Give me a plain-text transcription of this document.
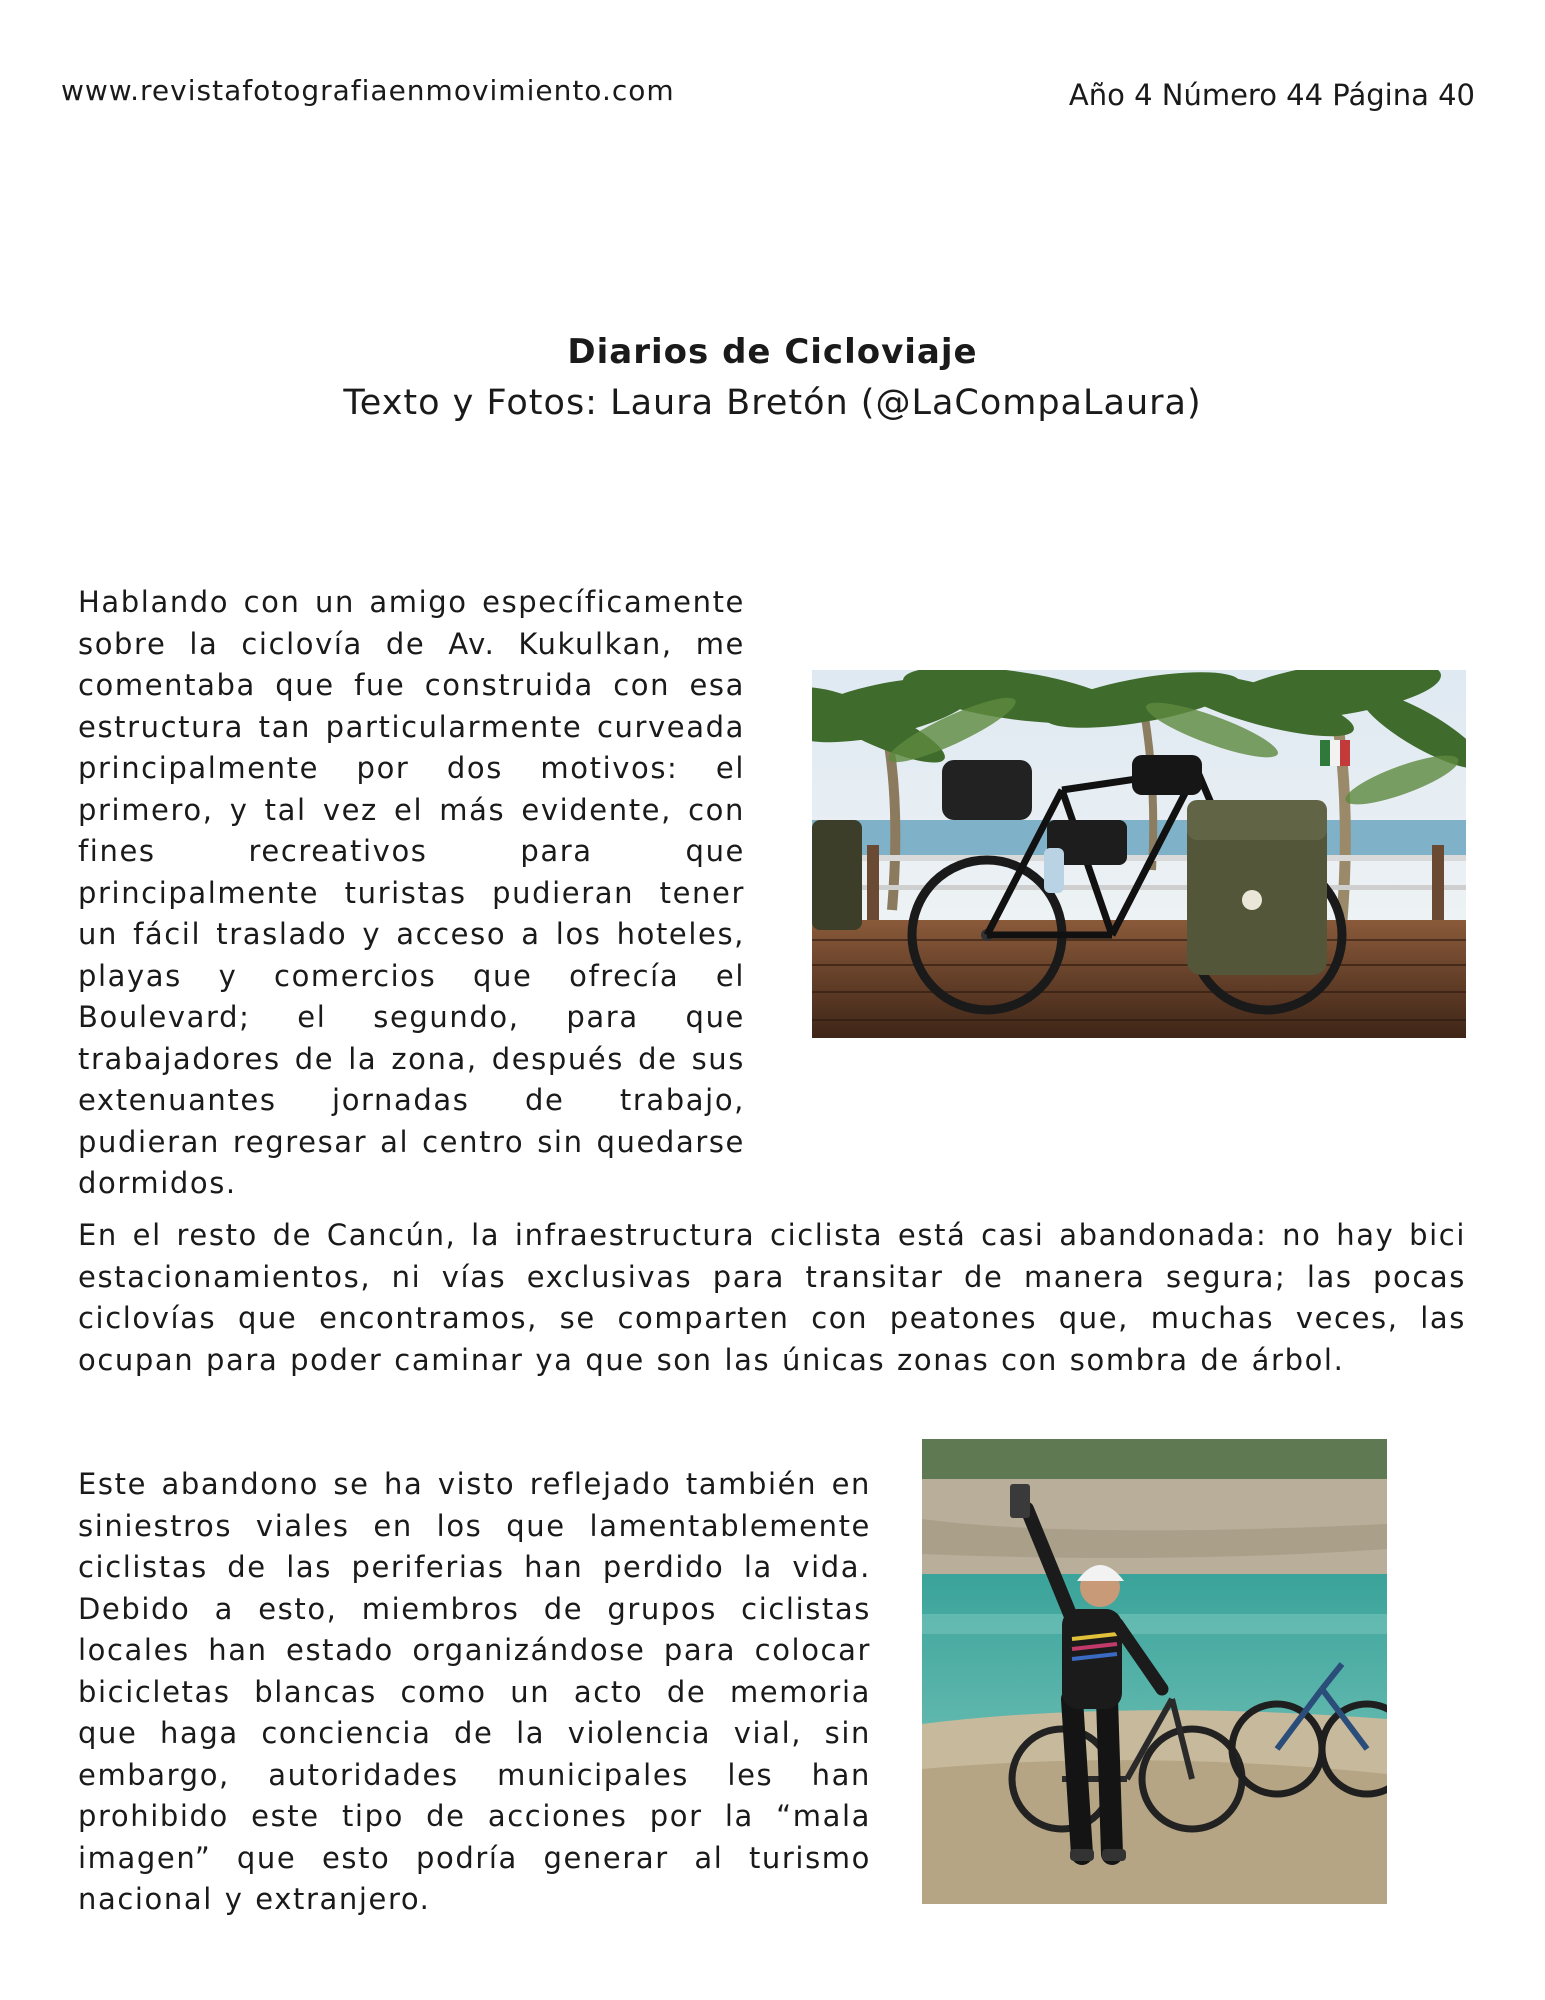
www.revistafotografiaenmovimiento.com	Año 4 Número 44 Página 40
Diarios de Cicloviaje
Texto y Fotos: Laura Bretón (@LaCompaLaura)

Hablando con un amigo específicamente sobre la ciclovía de Av. Kukulkan, me comentaba que fue construida con esa estructura tan particularmente curveada principalmente por dos motivos: el primero, y tal vez el más evidente, con fines recreativos para que principalmente turistas pudieran tener un fácil traslado y acceso a los hoteles, playas y comercios que ofrecía el Boulevard; el segundo, para que trabajadores de la zona, después de sus extenuantes jornadas de trabajo, pudieran regresar al centro sin quedarse dormidos.

En el resto de Cancún, la infraestructura ciclista está casi abandonada: no hay bici estacionamientos, ni vías exclusivas para transitar de manera segura; las pocas ciclovías que encontramos, se comparten con peatones que, muchas veces, las ocupan para poder caminar ya que son las únicas zonas con sombra de árbol.

Este abandono se ha visto reflejado también en siniestros viales en los que lamentablemente ciclistas de las periferias han perdido la vida. Debido a esto, miembros de grupos ciclistas locales han estado organizándose para colocar bicicletas blancas como un acto de memoria que haga conciencia de la violencia vial, sin embargo, autoridades municipales les han prohibido este tipo de acciones por la “mala imagen” que esto podría generar al turismo nacional y extranjero.
